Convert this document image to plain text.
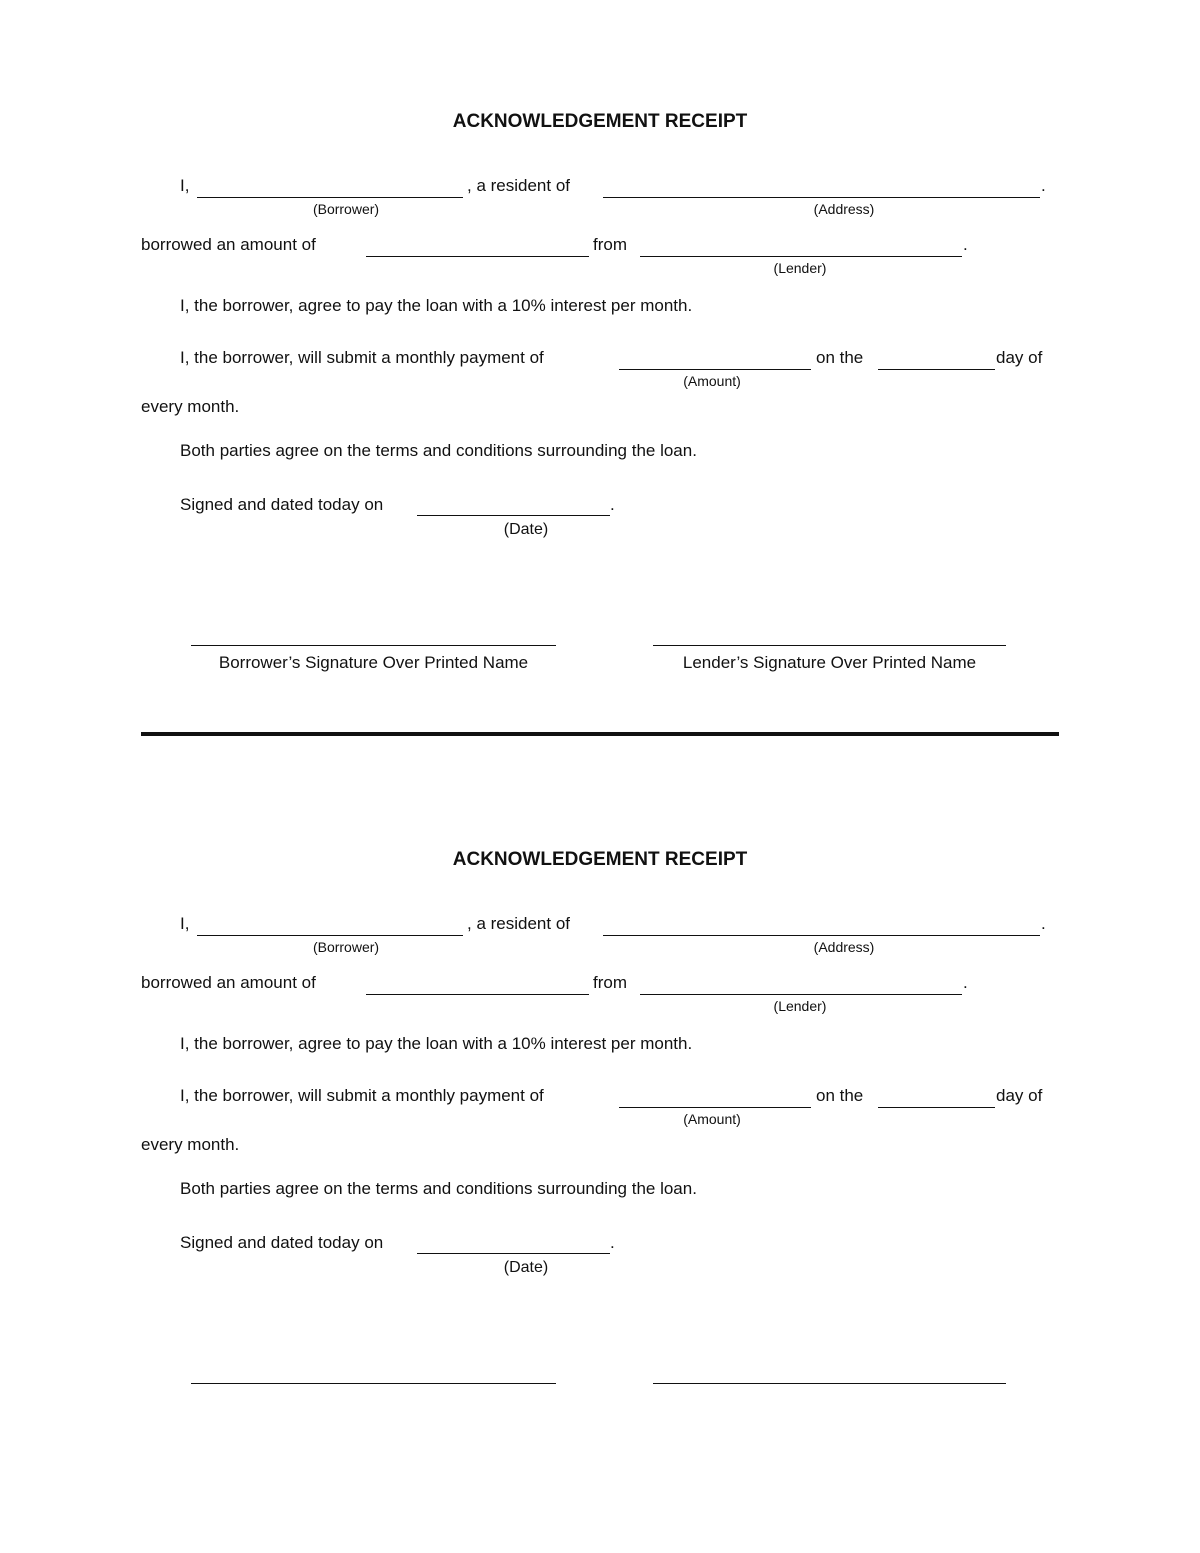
ACKNOWLEDGEMENT RECEIPT
I,	, a resident of	.
(Borrower)	(Address)
borrowed an amount of	from	.
(Lender)
I, the borrower, agree to pay the loan with a 10% interest per month.
I, the borrower, will submit a monthly payment of	on the	day of
(Amount)
every month.
Both parties agree on the terms and conditions surrounding the loan.
Signed and dated today on	.
(Date)
Borrower’s Signature Over Printed Name	Lender’s Signature Over Printed Name
ACKNOWLEDGEMENT RECEIPT
I,	, a resident of	.
(Borrower)	(Address)
borrowed an amount of	from	.
(Lender)
I, the borrower, agree to pay the loan with a 10% interest per month.
I, the borrower, will submit a monthly payment of	on the	day of
(Amount)
every month.
Both parties agree on the terms and conditions surrounding the loan.
Signed and dated today on	.
(Date)
